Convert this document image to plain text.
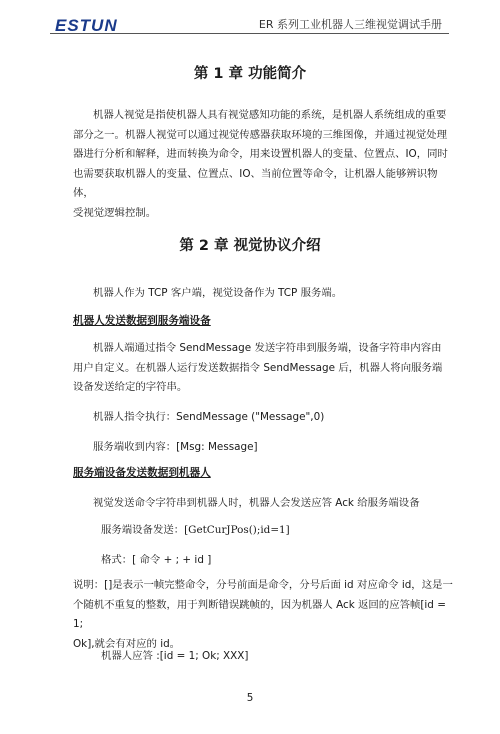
ESTUN	ER 系列工业机器人三维视觉调试手册
第 1 章 功能简介
机器人视觉是指使机器人具有视觉感知功能的系统，是机器人系统组成的重要
部分之一。机器人视觉可以通过视觉传感器获取环境的三维图像，并通过视觉处理
器进行分析和解释，进而转换为命令，用来设置机器人的变量、位置点、IO，同时
也需要获取机器人的变量、位置点、IO、当前位置等命令，让机器人能够辨识物体，
受视觉逻辑控制。
第 2 章 视觉协议介绍
机器人作为 TCP 客户端，视觉设备作为 TCP 服务端。
机器人发送数据到服务端设备
机器人端通过指令 SendMessage 发送字符串到服务端，设备字符串内容由
用户自定义。在机器人运行发送数据指令 SendMessage 后，机器人将向服务端
设备发送给定的字符串。
机器人指令执行：SendMessage ("Message",0)
服务端收到内容：[Msg: Message]
服务端设备发送数据到机器人
视觉发送命令字符串到机器人时，机器人会发送应答 Ack 给服务端设备
服务端设备发送：[GetCurJPos();id=1]
格式：[ 命令 + ; + id ]
说明：[]是表示一帧完整命令，分号前面是命令，分号后面 id 对应命令 id，这是一
个随机不重复的整数，用于判断错误跳帧的，因为机器人 Ack 返回的应答帧[id = 1;
Ok],就会有对应的 id。
机器人应答 :[id = 1; Ok; XXX]
5
